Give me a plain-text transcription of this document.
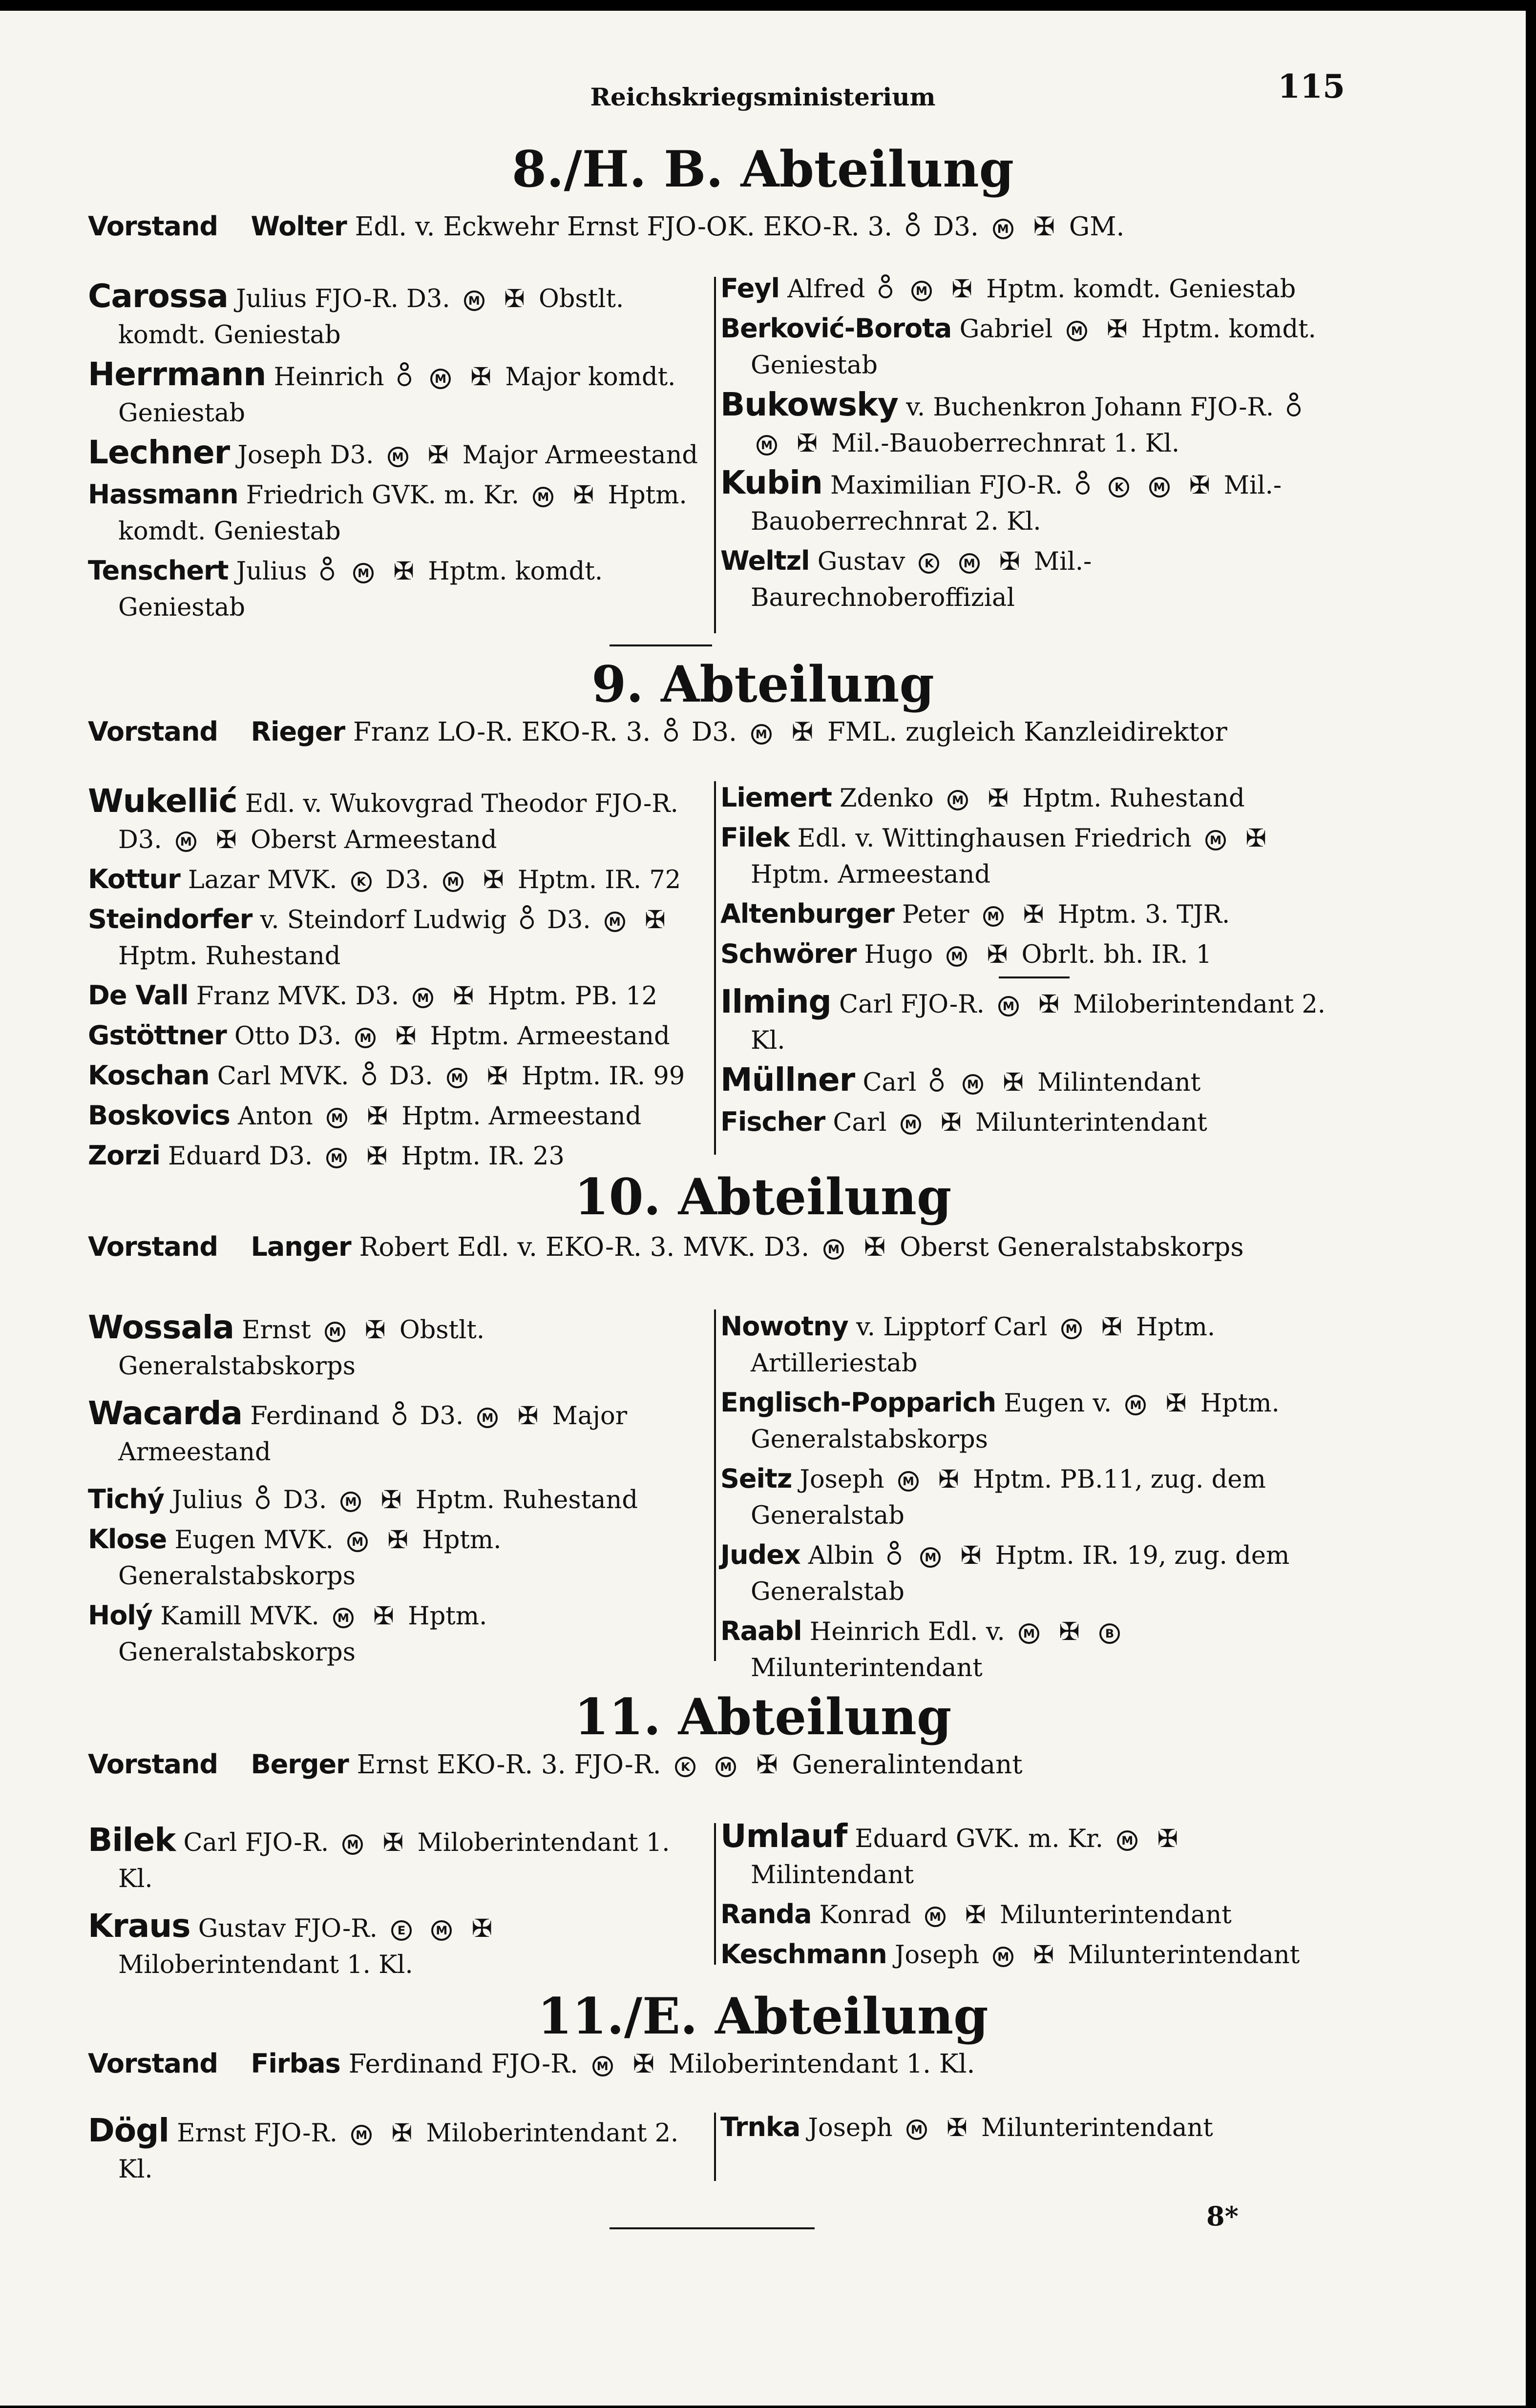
Reichskriegsministerium	115
8./H. B. Abteilung
Vorstand Wolter Edl. v. Eckwehr Ernst FJO-OK. EKO-R. 3. D3. M ✠ GM.
Carossa Julius FJO-R. D3. M ✠ Obstlt. komdt. Geniestab
Herrmann Heinrich	M ✠ Major komdt. Geniestab
Lechner Joseph D3. M ✠ Major Armeestand
Hassmann Friedrich GVK. m. Kr. M ✠ Hptm. komdt. Geniestab
Tenschert Julius	M ✠ Hptm. komdt. Geniestab
Feyl Alfred	M ✠ Hptm. komdt. Geniestab
Berković-Borota Gabriel M ✠ Hptm. komdt. Geniestab
Bukowsky v. Buchenkron Johann FJO-R.  M ✠ Mil.-Bauoberrechnrat 1. Kl.
Kubin Maximilian FJO-R.	K	M ✠ Mil.-Bauoberrechnrat 2. Kl.
Weltzl Gustav K	M ✠ Mil.-Baurechnoberofizial
9. Abteilung
Vorstand Rieger Franz LO-R. EKO-R. 3. D3. M ✠ FML. zugleich Kanzleidirektor
Wukellić Edl. v. Wukovgrad Theodor FJO-R. D3. M ✠ Oberst Armeestand
Kottur Lazar MVK. K D3. M ✠ Hptm. IR. 72
Steindorfer v. Steindorf Ludwig D3. M ✠ Hptm. Ruhestand
De Vall Franz MVK. D3. M ✠ Hptm. PB. 12
Gstöttner Otto D3. M ✠ Hptm. Armeestand
Koschan Carl MVK. D3. M ✠ Hptm. IR. 99
Boskovics Anton M ✠ Hptm. Armeestand
Zorzi Eduard D3. M ✠ Hptm. IR. 23
Liemert Zdenko M ✠ Hptm. Ruhestand
Filek Edl. v. Wittinghausen Friedrich M ✠ Hptm. Armeestand
Altenburger Peter M ✠ Hptm. 3. TJR.
Schwörer Hugo M ✠ Obrlt. bh. IR. 1
Ilming Carl FJO-R. M ✠ Miloberintendant 2. Kl.
Müllner Carl	M ✠ Milintendant
Fischer Carl M ✠ Milunterintendant
10. Abteilung
Vorstand Langer Robert Edl. v. EKO-R. 3. MVK. D3. M ✠ Oberst Generalstabskorps
Wossala Ernst M ✠ Obstlt. Generalstabskorps
Wacarda Ferdinand D3. M ✠ Major Armeestand
Tichý Julius D3. M ✠ Hptm. Ruhestand
Klose Eugen MVK. M ✠ Hptm. Generalstabskorps
Holý Kamill MVK. M ✠ Hptm. Generalstabskorps
Nowotny v. Lipptorf Carl M ✠ Hptm. Artilleriestab
Englisch-Popparich Eugen v. M ✠ Hptm. Generalstabskorps
Seitz Joseph M ✠ Hptm. PB.11, zug. dem Generalstab
Judex Albin	M ✠ Hptm. IR. 19, zug. dem Generalstab
Raabl Heinrich Edl. v. M ✠ B Milunterintendant
11. Abteilung
Vorstand Berger Ernst EKO-R. 3. FJO-R. K	M ✠ Generalintendant
Bilek Carl FJO-R. M ✠ Miloberintendant 1. Kl.
Kraus Gustav FJO-R. E	M ✠ Miloberintendant 1. Kl.
Umlauf Eduard GVK. m. Kr. M ✠ Milintendant
Randa Konrad M ✠ Milunterintendant
Keschmann Joseph M ✠ Milunterintendant
11./E. Abteilung
Vorstand Firbas Ferdinand FJO-R. M ✠ Miloberintendant 1. Kl.
Dögl Ernst FJO-R. M ✠ Miloberintendant 2. Kl.
Trnka Joseph M ✠ Milunterintendant
8*
